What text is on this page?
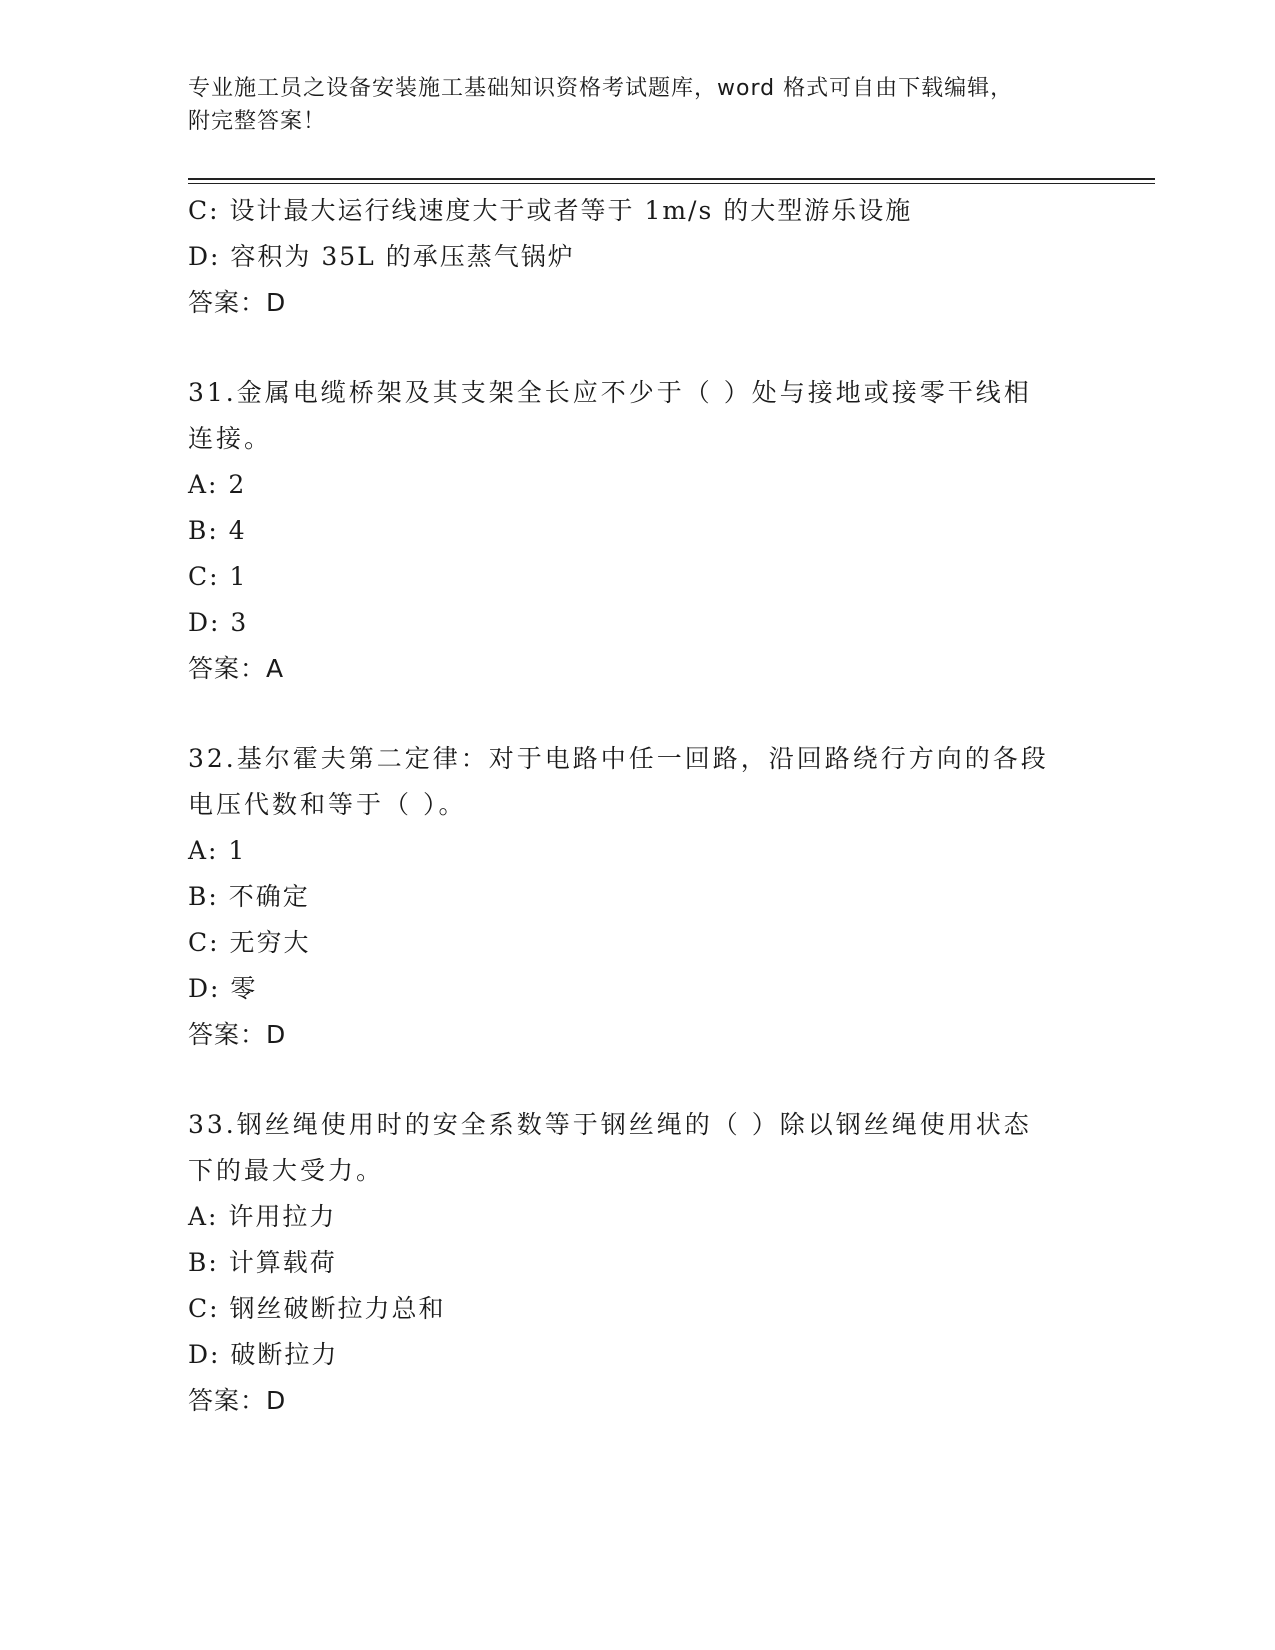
专业施工员之设备安装施工基础知识资格考试题库，word 格式可自由下载编辑，
附完整答案！
C: 设计最大运行线速度大于或者等于 1m/s 的大型游乐设施
D: 容积为 35L 的承压蒸气锅炉
答案：D
31.金属电缆桥架及其支架全长应不少于（ ）处与接地或接零干线相
连接。
A: 2
B: 4
C: 1
D: 3
答案：A
32.基尔霍夫第二定律：对于电路中任一回路，沿回路绕行方向的各段
电压代数和等于（ ）。
A: 1
B: 不确定
C: 无穷大
D: 零
答案：D
33.钢丝绳使用时的安全系数等于钢丝绳的（ ）除以钢丝绳使用状态
下的最大受力。
A: 许用拉力
B: 计算载荷
C: 钢丝破断拉力总和
D: 破断拉力
答案：D
